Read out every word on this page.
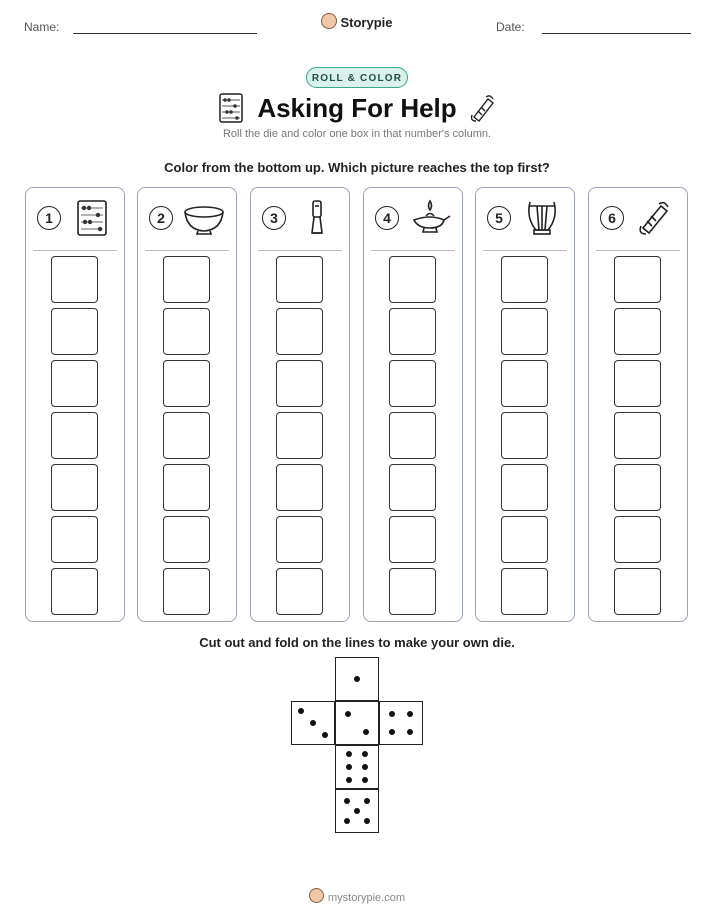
Name:	Storypie	Date:
ROLL & COLOR
Asking For Help
Roll the die and color one box in that number's column.
Color from the bottom up. Which picture reaches the top first?
1	2	3	4	5	6
Cut out and fold on the lines to make your own die.
mystorypie.com
